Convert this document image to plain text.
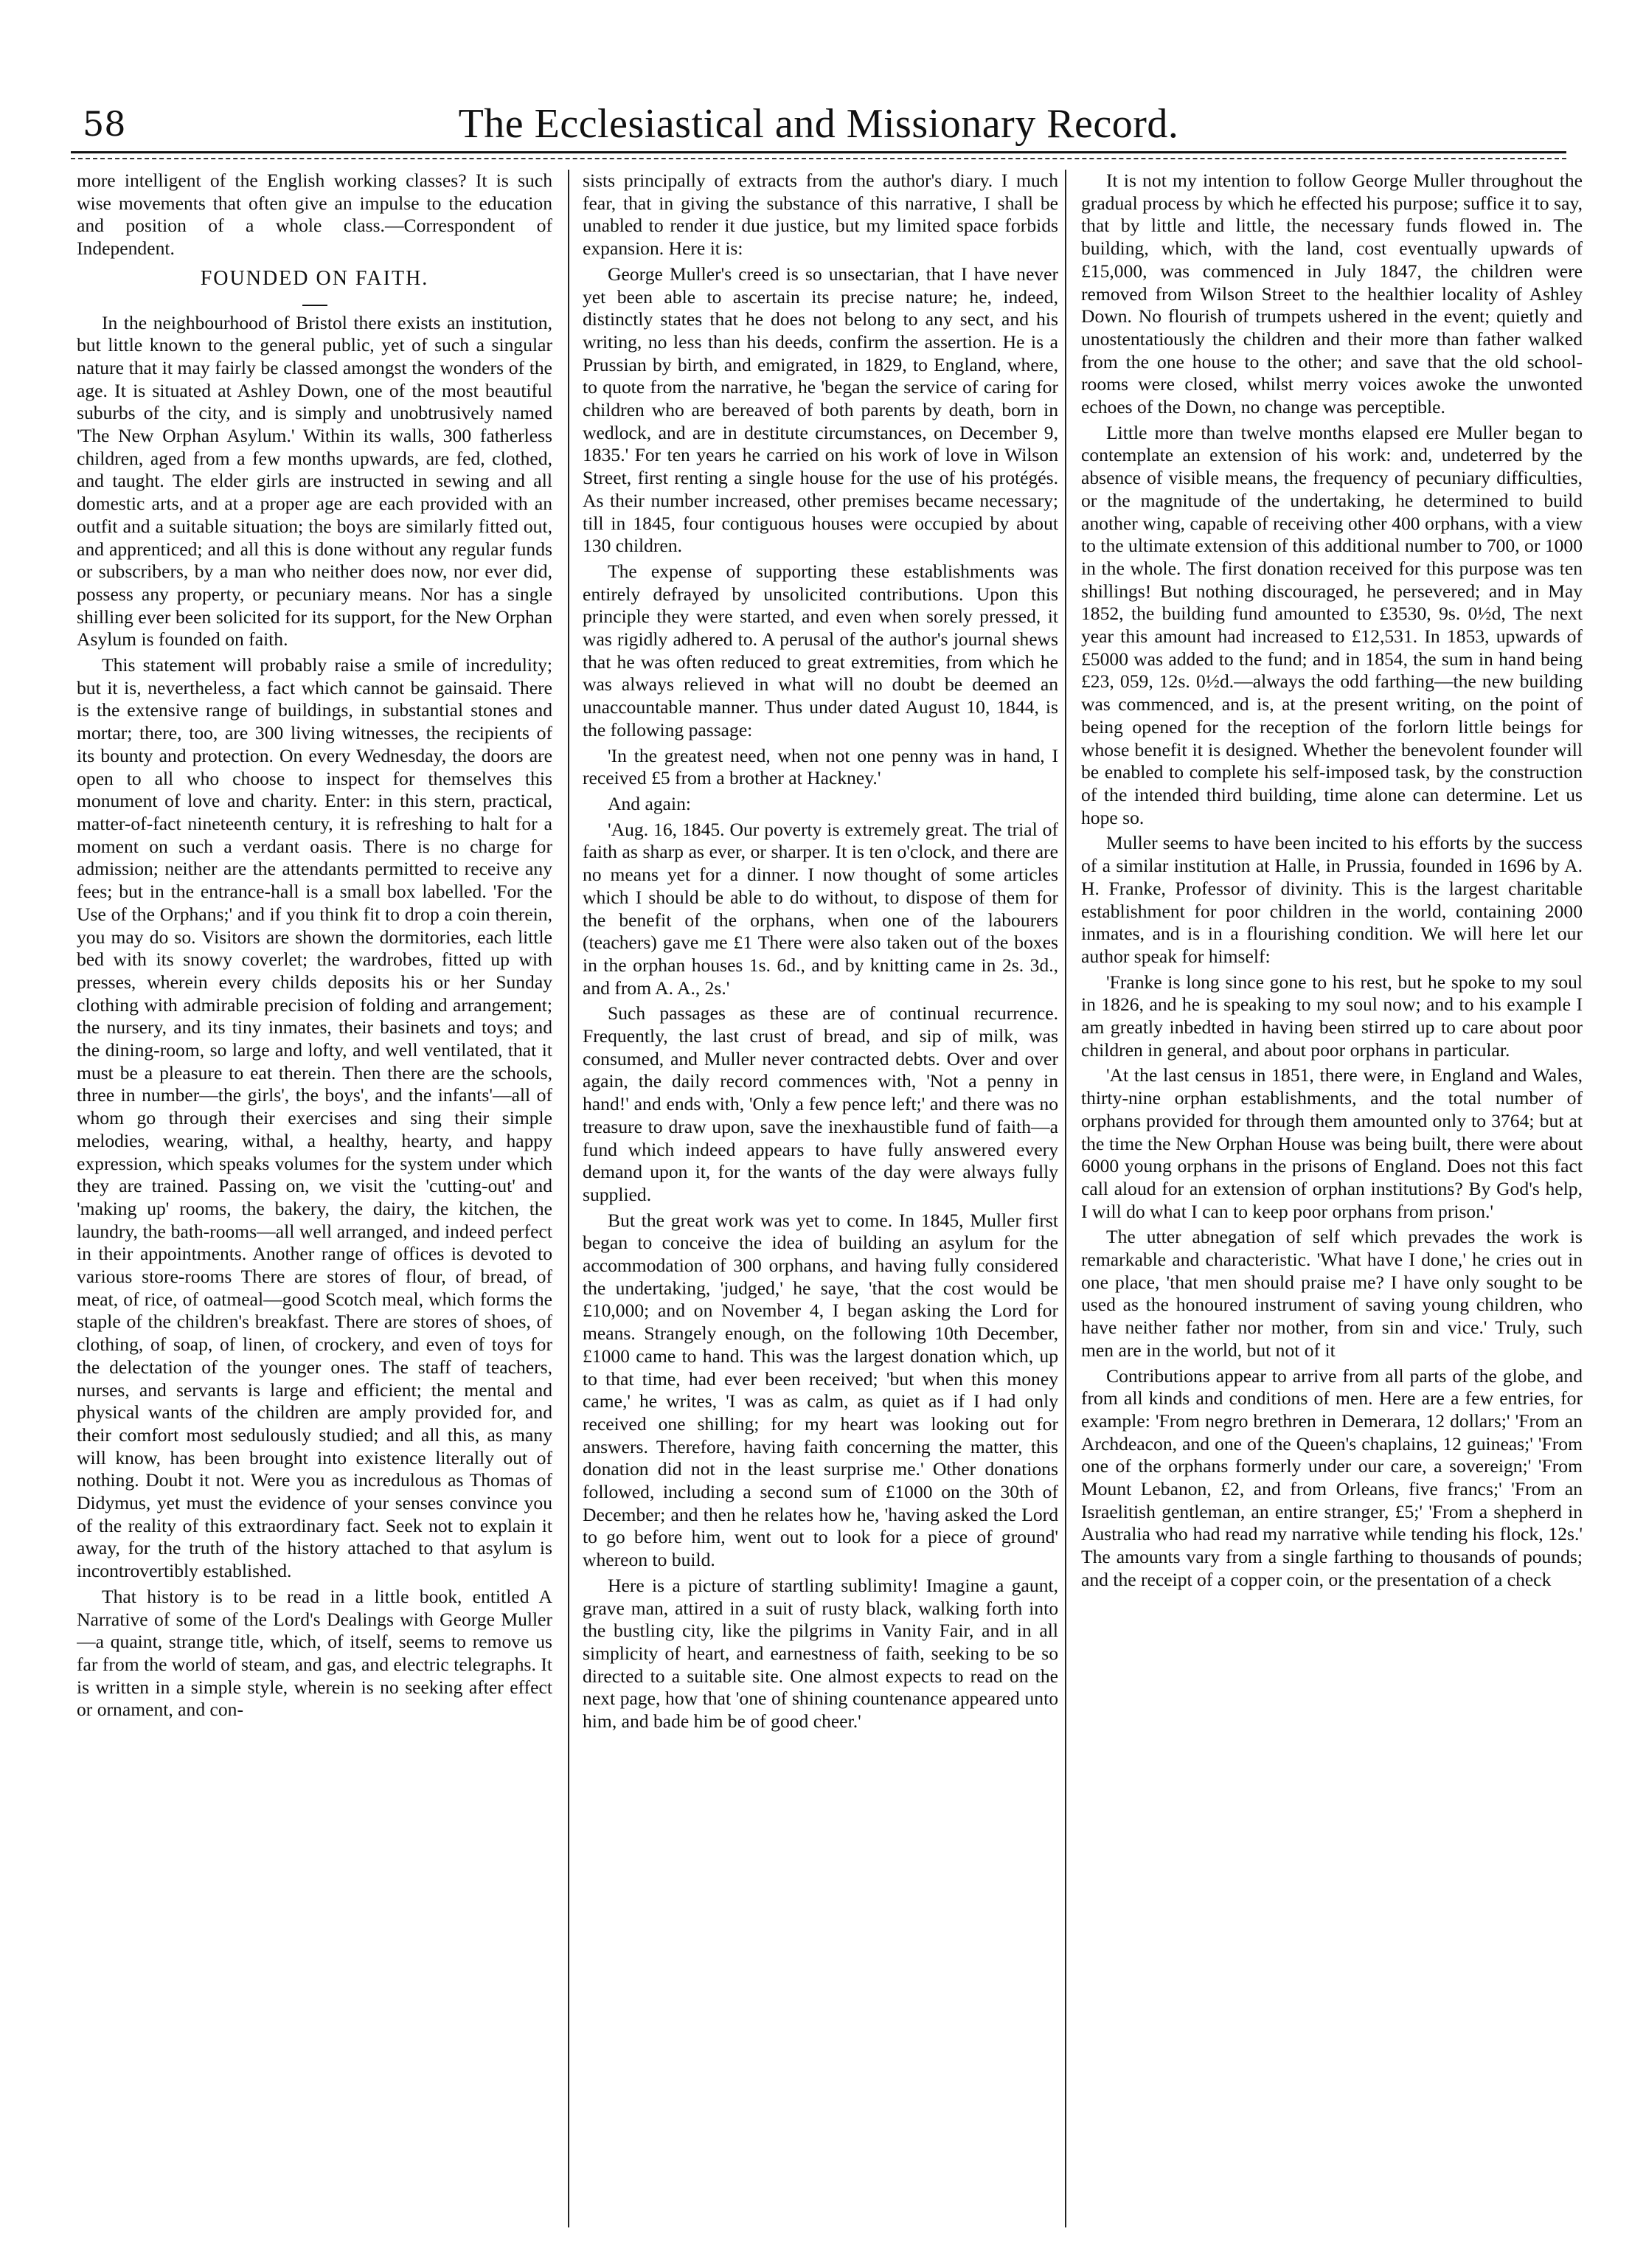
58	The Ecclesiastical and Missionary Record.

more intelligent of the English working classes? It is such wise movements that often give an impulse to the education and position of a whole class.—Correspondent of Independent.

FOUNDED ON FAITH.

In the neighbourhood of Bristol there exists an institution, but little known to the general public, yet of such a singular nature that it may fairly be classed amongst the wonders of the age. It is situated at Ashley Down, one of the most beautiful suburbs of the city, and is simply and unobtrusively named 'The New Orphan Asylum.' Within its walls, 300 fatherless children, aged from a few months upwards, are fed, clothed, and taught. The elder girls are instructed in sewing and all domestic arts, and at a proper age are each provided with an outfit and a suitable situation; the boys are similarly fitted out, and apprenticed; and all this is done without any regular funds or subscribers, by a man who neither does now, nor ever did, possess any property, or pecuniary means. Nor has a single shilling ever been solicited for its support, for the New Orphan Asylum is founded on faith.

This statement will probably raise a smile of incredulity; but it is, nevertheless, a fact which cannot be gainsaid. There is the extensive range of buildings, in substantial stones and mortar; there, too, are 300 living witnesses, the recipients of its bounty and protection. On every Wednesday, the doors are open to all who choose to inspect for themselves this monument of love and charity. Enter: in this stern, practical, matter-of-fact nineteenth century, it is refreshing to halt for a moment on such a verdant oasis. There is no charge for admission; neither are the attendants permitted to receive any fees; but in the entrance-hall is a small box labelled. 'For the Use of the Orphans;' and if you think fit to drop a coin therein, you may do so. Visitors are shown the dormitories, each little bed with its snowy coverlet; the wardrobes, fitted up with presses, wherein every childs deposits his or her Sunday clothing with admirable precision of folding and arrangement; the nursery, and its tiny inmates, their basinets and toys; and the dining-room, so large and lofty, and well ventilated, that it must be a pleasure to eat therein. Then there are the schools, three in number—the girls', the boys', and the infants'—all of whom go through their exercises and sing their simple melodies, wearing, withal, a healthy, hearty, and happy expression, which speaks volumes for the system under which they are trained. Passing on, we visit the 'cutting-out' and 'making up' rooms, the bakery, the dairy, the kitchen, the laundry, the bath-rooms—all well arranged, and indeed perfect in their appointments. Another range of offices is devoted to various store-rooms There are stores of flour, of bread, of meat, of rice, of oatmeal—good Scotch meal, which forms the staple of the children's breakfast. There are stores of shoes, of clothing, of soap, of linen, of crockery, and even of toys for the delectation of the younger ones. The staff of teachers, nurses, and servants is large and efficient; the mental and physical wants of the children are amply provided for, and their comfort most sedulously studied; and all this, as many will know, has been brought into existence literally out of nothing. Doubt it not. Were you as incredulous as Thomas of Didymus, yet must the evidence of your senses convince you of the reality of this extraordinary fact. Seek not to explain it away, for the truth of the history attached to that asylum is incontrovertibly established.

That history is to be read in a little book, entitled A Narrative of some of the Lord's Dealings with George Muller—a quaint, strange title, which, of itself, seems to remove us far from the world of steam, and gas, and electric telegraphs. It is written in a simple style, wherein is no seeking after effect or ornament, and con-

sists principally of extracts from the author's diary. I much fear, that in giving the substance of this narrative, I shall be unabled to render it due justice, but my limited space forbids expansion. Here it is:

George Muller's creed is so unsectarian, that I have never yet been able to ascertain its precise nature; he, indeed, distinctly states that he does not belong to any sect, and his writing, no less than his deeds, confirm the assertion. He is a Prussian by birth, and emigrated, in 1829, to England, where, to quote from the narrative, he 'began the service of caring for children who are bereaved of both parents by death, born in wedlock, and are in destitute circumstances, on December 9, 1835.' For ten years he carried on his work of love in Wilson Street, first renting a single house for the use of his protégés. As their number increased, other premises became necessary; till in 1845, four contiguous houses were occupied by about 130 children.

The expense of supporting these establishments was entirely defrayed by unsolicited contributions. Upon this principle they were started, and even when sorely pressed, it was rigidly adhered to. A perusal of the author's journal shews that he was often reduced to great extremities, from which he was always relieved in what will no doubt be deemed an unaccountable manner. Thus under dated August 10, 1844, is the following passage:

'In the greatest need, when not one penny was in hand, I received £5 from a brother at Hackney.'

And again:

'Aug. 16, 1845. Our poverty is extremely great. The trial of faith as sharp as ever, or sharper. It is ten o'clock, and there are no means yet for a dinner. I now thought of some articles which I should be able to do without, to dispose of them for the benefit of the orphans, when one of the labourers (teachers) gave me £1 There were also taken out of the boxes in the orphan houses 1s. 6d., and by knitting came in 2s. 3d., and from A. A., 2s.'

Such passages as these are of continual recurrence. Frequently, the last crust of bread, and sip of milk, was consumed, and Muller never contracted debts. Over and over again, the daily record commences with, 'Not a penny in hand!' and ends with, 'Only a few pence left;' and there was no treasure to draw upon, save the inexhaustible fund of faith—a fund which indeed appears to have fully answered every demand upon it, for the wants of the day were always fully supplied.

But the great work was yet to come. In 1845, Muller first began to conceive the idea of building an asylum for the accommodation of 300 orphans, and having fully considered the undertaking, 'judged,' he saye, 'that the cost would be £10,000; and on November 4, I began asking the Lord for means. Strangely enough, on the following 10th December, £1000 came to hand. This was the largest donation which, up to that time, had ever been received; 'but when this money came,' he writes, 'I was as calm, as quiet as if I had only received one shilling; for my heart was looking out for answers. Therefore, having faith concerning the matter, this donation did not in the least surprise me.' Other donations followed, including a second sum of £1000 on the 30th of December; and then he relates how he, 'having asked the Lord to go before him, went out to look for a piece of ground' whereon to build.

Here is a picture of startling sublimity! Imagine a gaunt, grave man, attired in a suit of rusty black, walking forth into the bustling city, like the pilgrims in Vanity Fair, and in all simplicity of heart, and earnestness of faith, seeking to be so directed to a suitable site. One almost expects to read on the next page, how that 'one of shining countenance appeared unto him, and bade him be of good cheer.'

It is not my intention to follow George Muller throughout the gradual process by which he effected his purpose; suffice it to say, that by little and little, the necessary funds flowed in. The building, which, with the land, cost eventually upwards of £15,000, was commenced in July 1847, the children were removed from Wilson Street to the healthier locality of Ashley Down. No flourish of trumpets ushered in the event; quietly and unostentatiously the children and their more than father walked from the one house to the other; and save that the old school-rooms were closed, whilst merry voices awoke the unwonted echoes of the Down, no change was perceptible.

Little more than twelve months elapsed ere Muller began to contemplate an extension of his work: and, undeterred by the absence of visible means, the frequency of pecuniary difficulties, or the magnitude of the undertaking, he determined to build another wing, capable of receiving other 400 orphans, with a view to the ultimate extension of this additional number to 700, or 1000 in the whole. The first donation received for this purpose was ten shillings! But nothing discouraged, he persevered; and in May 1852, the building fund amounted to £3530, 9s. 0½d, The next year this amount had increased to £12,531. In 1853, upwards of £5000 was added to the fund; and in 1854, the sum in hand being £23, 059, 12s. 0½d.—always the odd farthing—the new building was commenced, and is, at the present writing, on the point of being opened for the reception of the forlorn little beings for whose benefit it is designed. Whether the benevolent founder will be enabled to complete his self-imposed task, by the construction of the intended third building, time alone can determine. Let us hope so.

Muller seems to have been incited to his efforts by the success of a similar institution at Halle, in Prussia, founded in 1696 by A. H. Franke, Professor of divinity. This is the largest charitable establishment for poor children in the world, containing 2000 inmates, and is in a flourishing condition. We will here let our author speak for himself:

'Franke is long since gone to his rest, but he spoke to my soul in 1826, and he is speaking to my soul now; and to his example I am greatly inbedted in having been stirred up to care about poor children in general, and about poor orphans in particular.

'At the last census in 1851, there were, in England and Wales, thirty-nine orphan establishments, and the total number of orphans provided for through them amounted only to 3764; but at the time the New Orphan House was being built, there were about 6000 young orphans in the prisons of England. Does not this fact call aloud for an extension of orphan institutions? By God's help, I will do what I can to keep poor orphans from prison.'

The utter abnegation of self which prevades the work is remarkable and characteristic. 'What have I done,' he cries out in one place, 'that men should praise me? I have only sought to be used as the honoured instrument of saving young children, who have neither father nor mother, from sin and vice.' Truly, such men are in the world, but not of it

Contributions appear to arrive from all parts of the globe, and from all kinds and conditions of men. Here are a few entries, for example: 'From negro brethren in Demerara, 12 dollars;' 'From an Archdeacon, and one of the Queen's chaplains, 12 guineas;' 'From one of the orphans formerly under our care, a sovereign;' 'From Mount Lebanon, £2, and from Orleans, five francs;' 'From an Israelitish gentleman, an entire stranger, £5;' 'From a shepherd in Australia who had read my narrative while tending his flock, 12s.' The amounts vary from a single farthing to thousands of pounds; and the receipt of a copper coin, or the presentation of a check
